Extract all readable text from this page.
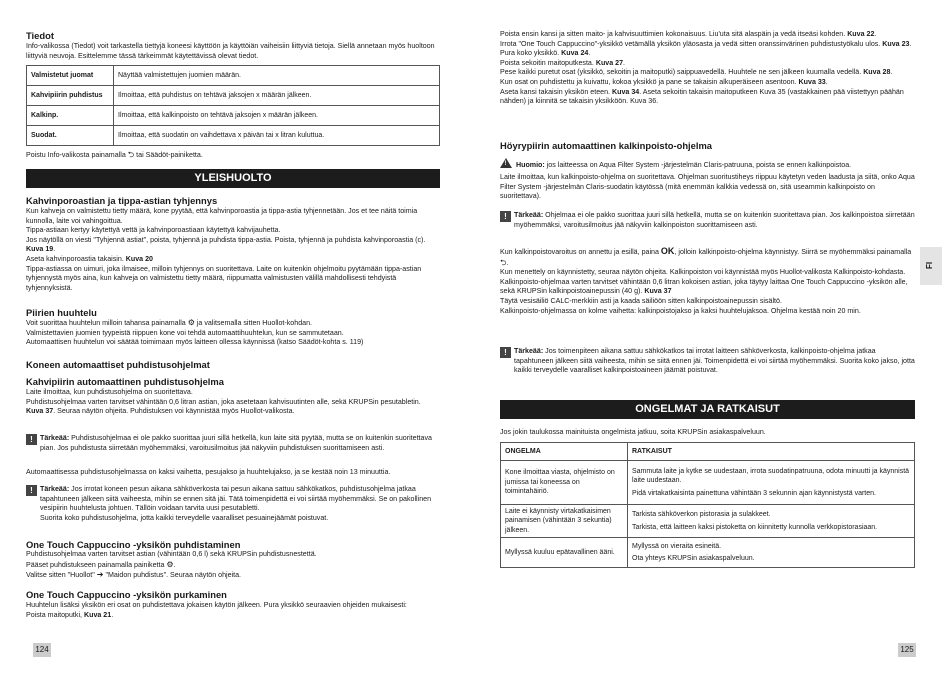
Tiedot

Info-valikossa (Tiedot) voit tarkastella tiettyjä koneesi käyttöön ja käyttöiän vaiheisiin liittyviä tietoja. Siellä annetaan myös huoltoon liittyviä neuvoja. Esittelemme tässä tärkeimmät käytettävissä olevat tiedot.

Valmistetut juomat	Näyttää valmistettujen juomien määrän.
Kahvipiirin puhdistus	Ilmoittaa, että puhdistus on tehtävä jaksojen x määrän jälkeen.
Kalkinp.	Ilmoittaa, että kalkinpoisto on tehtävä jaksojen x määrän jälkeen.
Suodat.	Ilmoittaa, että suodatin on vaihdettava x päivän tai x litran kuluttua.

Poistu Info-valikosta painamalla ⮌ tai Säädöt-painiketta.

YLEISHUOLTO
Kahvinporoastian ja tippa-astian tyhjennys

Kun kahveja on valmistettu tietty määrä, kone pyytää, että kahvinporoastia ja tippa-astia tyhjennetään. Jos et tee näitä toimia kunnolla, laite voi vahingoittua.

Tippa-astiaan kertyy käytettyä vettä ja kahvinporoastiaan käytettyä kahvijauhetta.

Jos näytöllä on viesti "Tyhjennä astiat", poista, tyhjennä ja puhdista tippa-astia. Poista, tyhjennä ja puhdista kahvinporoastia (c). Kuva 19.

Aseta kahvinporoastia takaisin. Kuva 20

Tippa-astiassa on uimuri, joka ilmaisee, milloin tyhjennys on suoritettava. Laite on kuitenkin ohjelmoitu pyytämään tippa-astian tyhjennystä myös aina, kun kahveja on valmistettu tietty määrä, riippumatta valmistusten välillä mahdollisesti tehdyistä tyhjennyksistä.

Piirien huuhtelu

Voit suorittaa huuhtelun milloin tahansa painamalla ⚙ ja valitsemalla sitten Huollot-kohdan.

Valmistettavien juomien tyypeistä riippuen kone voi tehdä automaattihuuhtelun, kun se sammutetaan.

Automaattisen huuhtelun voi säätää toimimaan myös laitteen ollessa käynnissä (katso Säädöt-kohta s. 119)

Koneen automaattiset puhdistusohjelmat
Kahvipiirin automaattinen puhdistusohjelma

Laite ilmoittaa, kun puhdistusohjelma on suoritettava.

Puhdistusohjelmaa varten tarvitset vähintään 0,6 litran astian, joka asetetaan kahvisuutinten alle, sekä KRUPSin pesutabletin. Kuva 37. Seuraa näytön ohjeita. Puhdistuksen voi käynnistää myös Huollot-valikosta.

!	Tärkeää: Puhdistusohjelmaa ei ole pakko suorittaa juuri sillä hetkellä, kun laite sitä pyytää, mutta se on kuitenkin suoritettava pian. Jos puhdistusta siirretään myöhemmäksi, varoitusilmoitus jää näkyviin puhdistuksen suorittamiseen asti.

Automaattisessa puhdistusohjelmassa on kaksi vaihetta, pesujakso ja huuhtelujakso, ja se kestää noin 13 minuuttia.

!	Tärkeää: Jos irrotat koneen pesun aikana sähköverkosta tai pesun aikana sattuu sähkökatkos, puhdistusohjelma jatkaa tapahtuneen jälkeen siitä vaiheesta, mihin se ennen sitä jäi. Tätä toimenpidettä ei voi siirtää myöhemmäksi. Se on pakollinen vesipiirin huuhtelusta johtuen. Tällöin voidaan tarvita uusi pesutabletti.

Suorita koko puhdistusohjelma, jotta kaikki terveydelle vaaralliset pesuainejäämät poistuvat.

One Touch Cappuccino -yksikön puhdistaminen

Puhdistusohjelmaa varten tarvitset astian (vähintään 0,6 l) sekä KRUPSin puhdistusnestettä.

Pääset puhdistukseen painamalla painiketta ⚙.

Valitse sitten "Huollot" ➔ "Maidon puhdistus". Seuraa näytön ohjeita.

One Touch Cappuccino -yksikön purkaminen

Huuhtelun lisäksi yksikön eri osat on puhdistettava jokaisen käytön jälkeen. Pura yksikkö seuraavien ohjeiden mukaisesti:

Poista maitoputki, Kuva 21.

124

Poista ensin kansi ja sitten maito- ja kahvisuuttimien kokonaisuus. Liu'uta sitä alaspäin ja vedä itseäsi kohden. Kuva 22.

Irrota "One Touch Cappuccino"-yksikkö vetämällä yksikön yläosasta ja vedä sitten oranssinvärinen puhdistustyökalu ulos. Kuva 23.

Pura koko yksikkö. Kuva 24.

Poista sekoitin maitoputkesta. Kuva 27.

Pese kaikki puretut osat (yksikkö, sekoitin ja maitoputki) saippuavedellä. Huuhtele ne sen jälkeen kuumalla vedellä. Kuva 28.

Kun osat on puhdistettu ja kuivattu, kokoa yksikkö ja pane se takaisin alkuperäiseen asentoon. Kuva 33.

Aseta kansi takaisin yksikön eteen. Kuva 34. Aseta sekoitin takaisin maitoputkeen Kuva 35 (vastakkainen pää viistettyyn päähän nähden) ja kiinnitä se takaisin yksikköön. Kuva 36.

Höyrypiirin automaattinen kalkinpoisto-ohjelma

! Huomio: jos laitteessa on Aqua Filter System -järjestelmän Claris-patruuna, poista se ennen kalkinpoistoa.

Laite ilmoittaa, kun kalkinpoisto-ohjelma on suoritettava. Ohjelman suoritustiheys riippuu käytetyn veden laadusta ja siitä, onko Aqua Filter System -järjestelmän Claris-suodatin käytössä (mitä enemmän kalkkia vedessä on, sitä useammin kalkinpoisto on suoritettava).

!	Tärkeää: Ohjelmaa ei ole pakko suorittaa juuri sillä hetkellä, mutta se on kuitenkin suoritettava pian. Jos kalkinpoistoa siirretään myöhemmäksi, varoitusilmoitus jää näkyviin kalkinpoiston suorittamiseen asti.

Kun kalkinpoistovaroitus on annettu ja esillä, paina OK, jolloin kalkinpoisto-ohjelma käynnistyy. Siirrä se myöhemmäksi painamalla ⮌.

Kun menettely on käynnistetty, seuraa näytön ohjeita. Kalkinpoiston voi käynnistää myös Huollot-valikosta Kalkinpoisto-kohdasta.

Kalkinpoisto-ohjelmaa varten tarvitset vähintään 0,6 litran kokoisen astian, joka täytyy laittaa One Touch Cappuccino -yksikön alle, sekä KRUPSin kalkinpoistoainepussin (40 g). Kuva 37

Täytä vesisäiliö CALC-merkkiin asti ja kaada säiliöön sitten kalkinpoistoainepussin sisältö.

Kalkinpoisto-ohjelmassa on kolme vaihetta: kalkinpoistojakso ja kaksi huuhtelujaksoa. Ohjelma kestää noin 20 min.

!	Tärkeää: Jos toimenpiteen aikana sattuu sähkökatkos tai irrotat laitteen sähköverkosta, kalkinpoisto-ohjelma jatkaa tapahtuneen jälkeen siitä vaiheesta, mihin se siitä ennen jäi. Toimenpidettä ei voi siirtää myöhemmäksi. Suorita koko jakso, jotta kaikki terveydelle vaaralliset kalkinpoistoaineen jäämät poistuvat.

ONGELMAT JA RATKAISUT

Jos jokin taulukossa mainituista ongelmista jatkuu, soita KRUPSin asiakaspalveluun.

ONGELMA	RATKAISUT
Kone ilmoittaa viasta, ohjelmisto on jumissa tai koneessa on toimintahäiriö.	Sammuta laite ja kytke se uudestaan, irrota suodatinpatruuna, odota minuutti ja käynnistä laite uudestaan.
Pidä virtakatkaisinta painettuna vähintään 3 sekunnin ajan käynnistystä varten.

Laite ei käynnisty virtakatkaisimen painamisen (vähintään 3 sekuntia) jälkeen.	Tarkista sähköverkon pistorasia ja sulakkeet.
Tarkista, että laitteen kaksi pistoketta on kiinnitetty kunnolla verkkopistorasiaan.

Myllyssä kuuluu epätavallinen ääni.	Myllyssä on vieraita esineitä.
Ota yhteys KRUPSin asiakaspalveluun.
125
FI
